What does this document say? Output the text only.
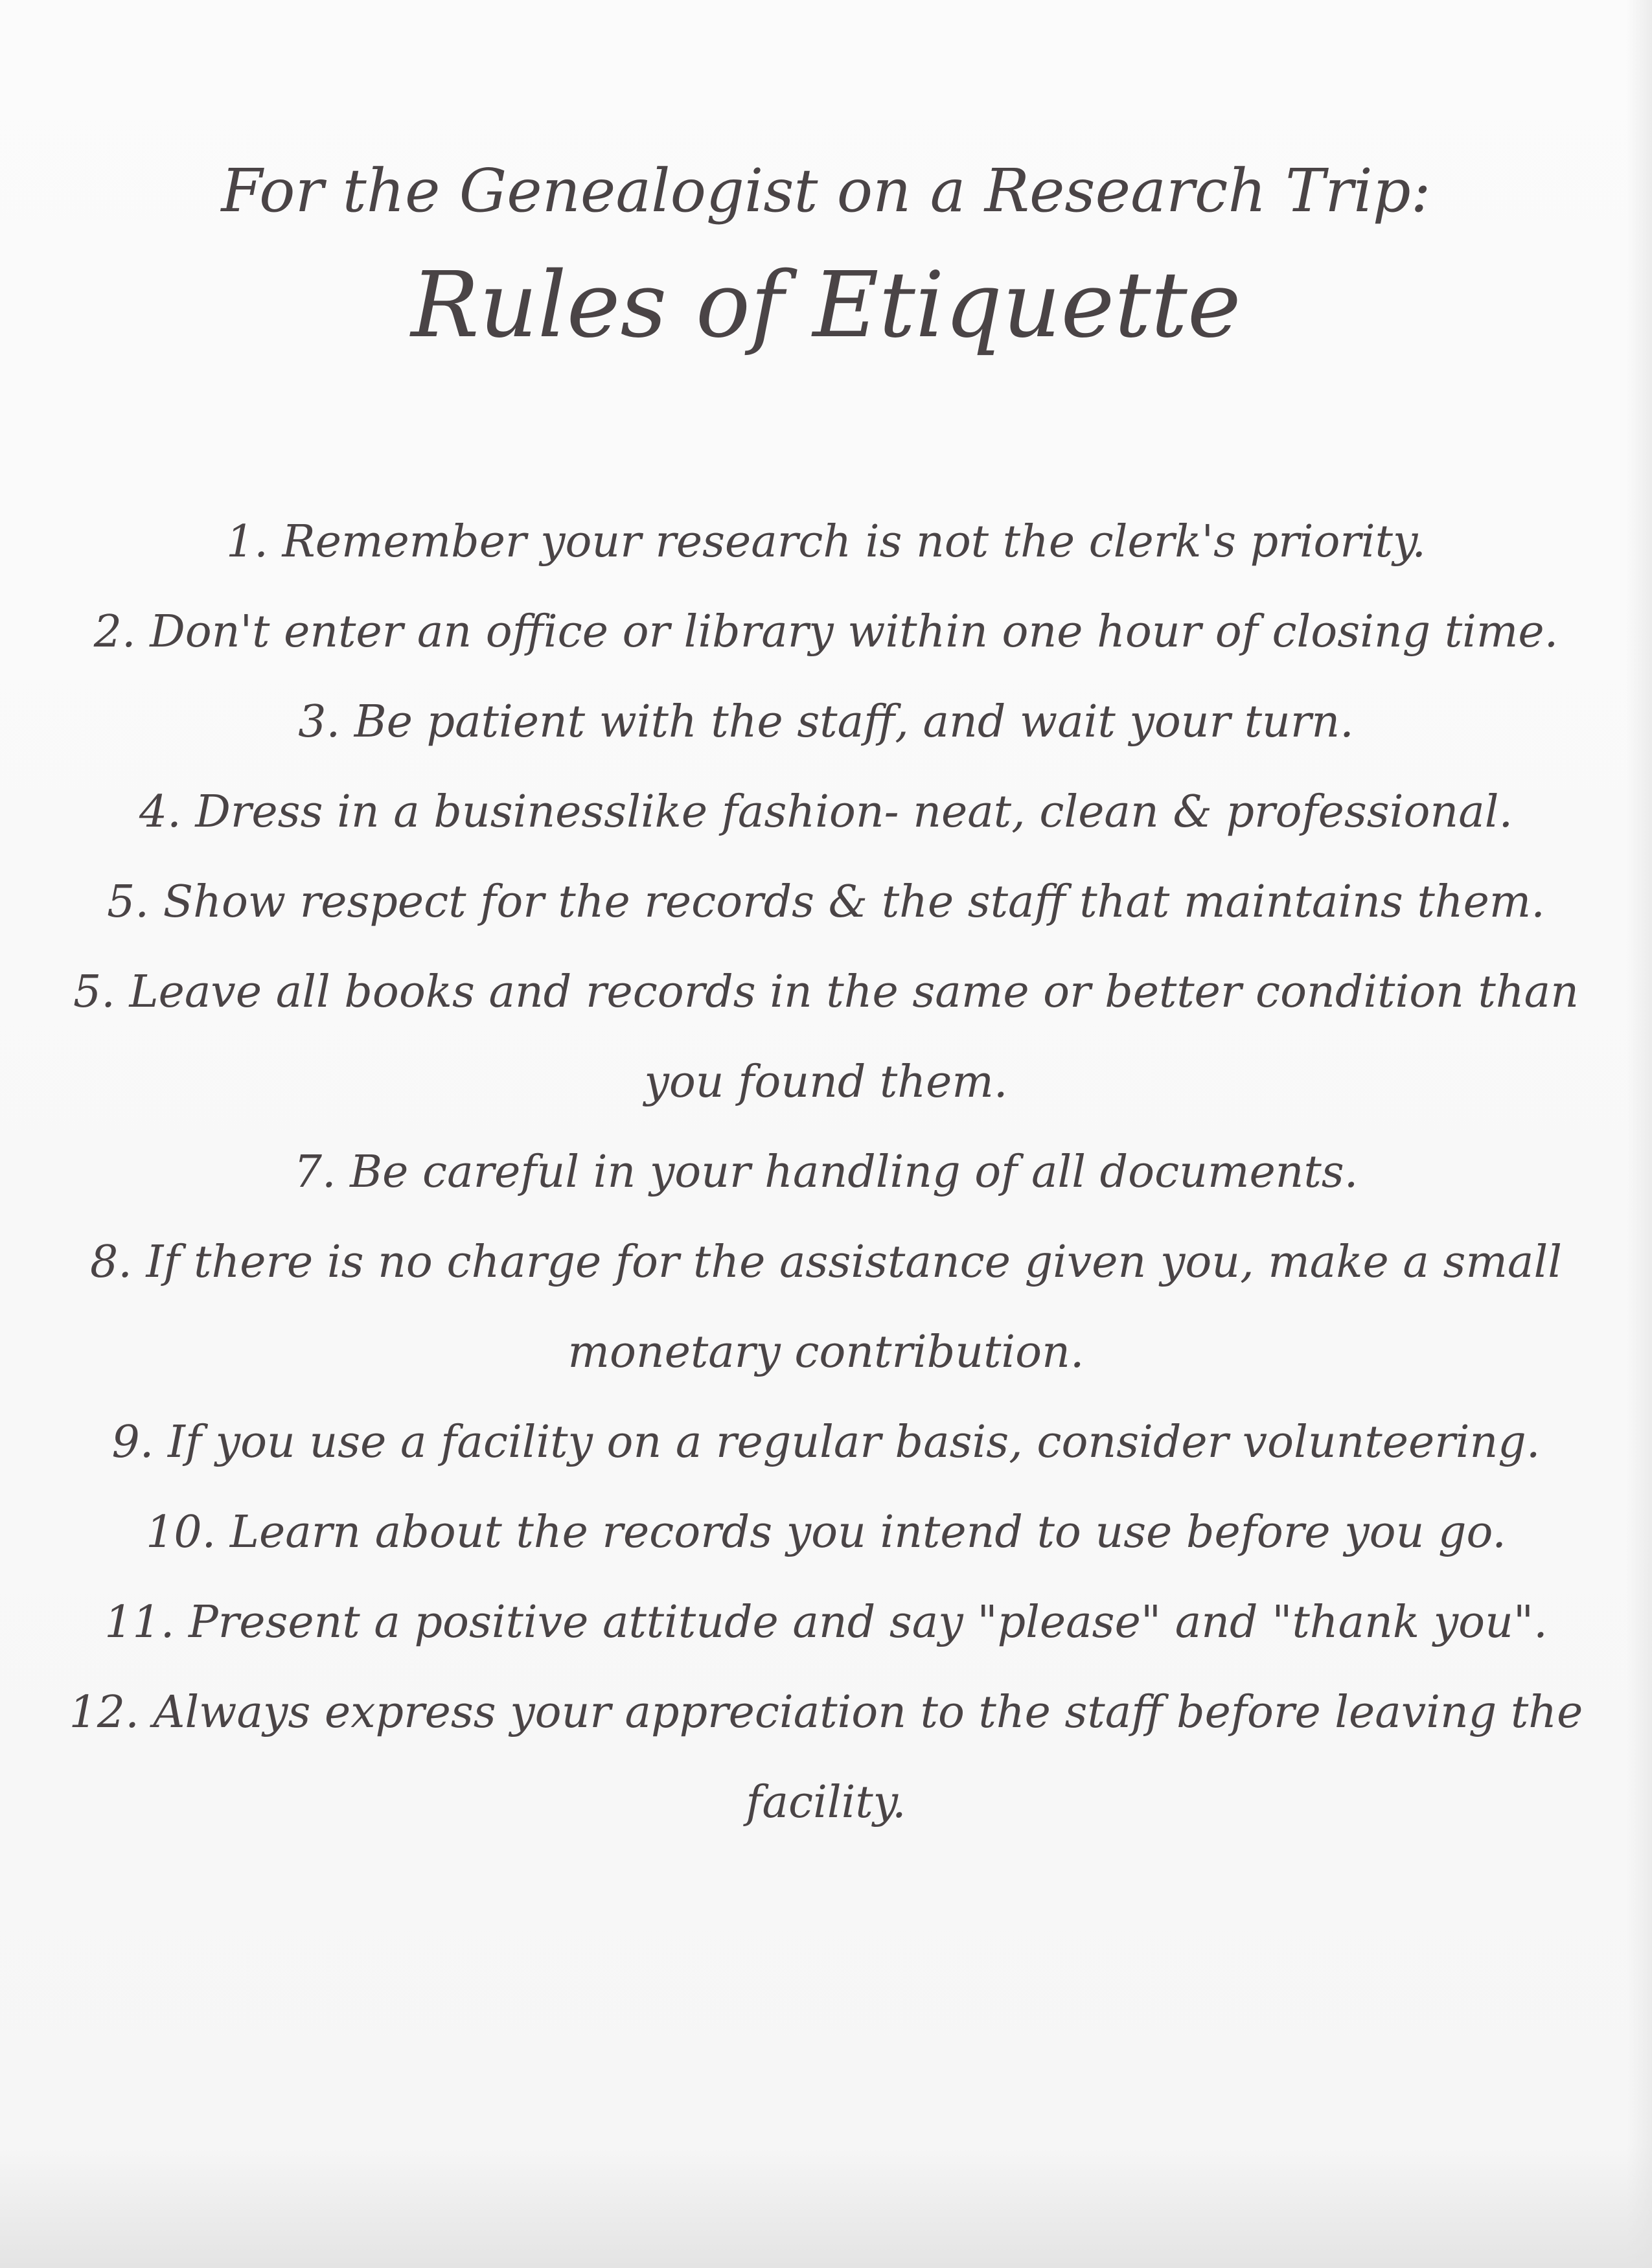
For the Genealogist on a Research Trip:
Rules of Etiquette
1. Remember your research is not the clerk's priority.
2. Don't enter an office or library within one hour of closing time.
3. Be patient with the staff, and wait your turn.
4. Dress in a businesslike fashion- neat, clean & professional.
5. Show respect for the records & the staff that maintains them.
5. Leave all books and records in the same or better condition than
you found them.
7. Be careful in your handling of all documents.
8. If there is no charge for the assistance given you, make a small
monetary contribution.
9. If you use a facility on a regular basis, consider volunteering.
10. Learn about the records you intend to use before you go.
11. Present a positive attitude and say "please" and "thank you".
12. Always express your appreciation to the staff before leaving the
facility.
